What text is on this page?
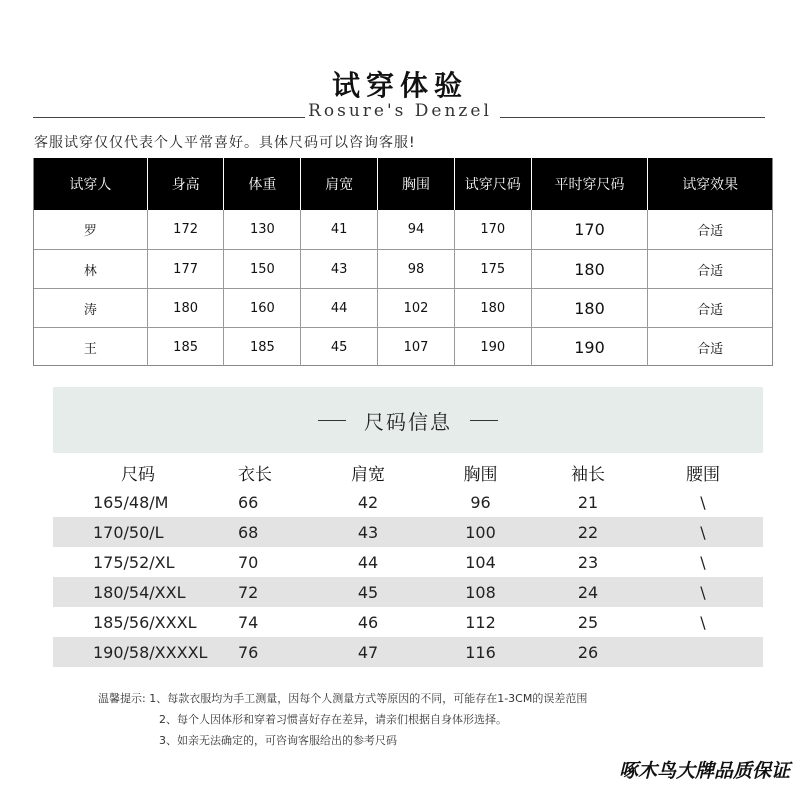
试穿体验
Rosure's Denzel
客服试穿仅仅代表个人平常喜好。具体尺码可以咨询客服!
试穿人	身高	体重	肩宽	胸围	试穿尺码	平时穿尺码	试穿效果
罗	172	130	41	94	170	170	合适
林	177	150	43	98	175	180	合适
涛	180	160	44	102	180	180	合适
王	185	185	45	107	190	190	合适
尺码信息
尺码	衣长	肩宽	胸围	袖长	腰围
165/48/M	66	42	96	21	\
170/50/L	68	43	100	22	\
175/52/XL	70	44	104	23	\
180/54/XXL	72	45	108	24	\
185/56/XXXL	74	46	112	25	\
190/58/XXXXL	76	47	116	26
温馨提示: 1、每款衣服均为手工测量，因每个人测量方式等原因的不同，可能存在1-3CM的误差范围
2、每个人因体形和穿着习惯喜好存在差异，请亲们根据自身体形选择。
3、如亲无法确定的，可咨询客服给出的参考尺码
啄木鸟大牌品质保证
